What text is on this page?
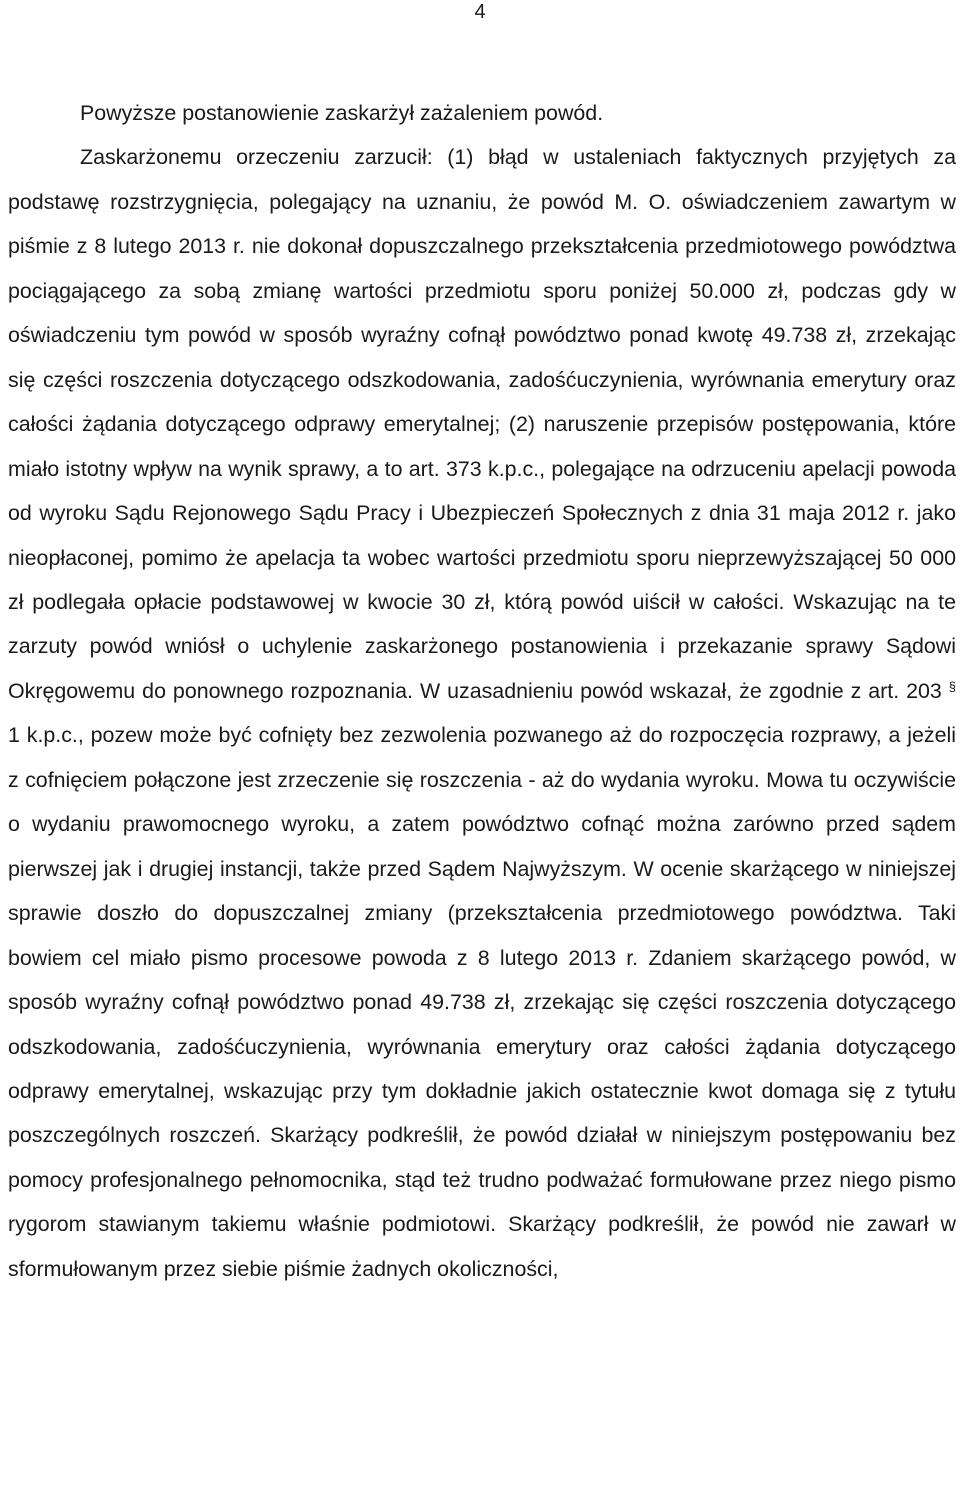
4

Powyższe postanowienie zaskarżył zażaleniem powód.

Zaskarżonemu orzeczeniu zarzucił: (1) błąd w ustaleniach faktycznych przyjętych za podstawę rozstrzygnięcia, polegający na uznaniu, że powód M. O. oświadczeniem zawartym w piśmie z 8 lutego 2013 r. nie dokonał dopuszczalnego przekształcenia przedmiotowego powództwa pociągającego za sobą zmianę wartości przedmiotu sporu poniżej 50.000 zł, podczas gdy w oświadczeniu tym powód w sposób wyraźny cofnął powództwo ponad kwotę 49.738 zł, zrzekając się części roszczenia dotyczącego odszkodowania, zadośćuczynienia, wyrównania emerytury oraz całości żądania dotyczącego odprawy emerytalnej; (2) naruszenie przepisów postępowania, które miało istotny wpływ na wynik sprawy, a to art. 373 k.p.c., polegające na odrzuceniu apelacji powoda od wyroku Sądu Rejonowego Sądu Pracy i Ubezpieczeń Społecznych z dnia 31 maja 2012 r. jako nieopłaconej, pomimo że apelacja ta wobec wartości przedmiotu sporu nieprzewyższającej 50 000 zł podlegała opłacie podstawowej w kwocie 30 zł, którą powód uiścił w całości. Wskazując na te zarzuty powód wniósł o uchylenie zaskarżonego postanowienia i przekazanie sprawy Sądowi Okręgowemu do ponownego rozpoznania. W uzasadnieniu powód wskazał, że zgodnie z art. 203 § 1 k.p.c., pozew może być cofnięty bez zezwolenia pozwanego aż do rozpoczęcia rozprawy, a jeżeli z cofnięciem połączone jest zrzeczenie się roszczenia - aż do wydania wyroku. Mowa tu oczywiście o wydaniu prawomocnego wyroku, a zatem powództwo cofnąć można zarówno przed sądem pierwszej jak i drugiej instancji, także przed Sądem Najwyższym. W ocenie skarżącego w niniejszej sprawie doszło do dopuszczalnej zmiany (przekształcenia przedmiotowego powództwa. Taki bowiem cel miało pismo procesowe powoda z 8 lutego 2013 r. Zdaniem skarżącego powód, w sposób wyraźny cofnął powództwo ponad 49.738 zł, zrzekając się części roszczenia dotyczącego odszkodowania, zadośćuczynienia, wyrównania emerytury oraz całości żądania dotyczącego odprawy emerytalnej, wskazując przy tym dokładnie jakich ostatecznie kwot domaga się z tytułu poszczególnych roszczeń. Skarżący podkreślił, że powód działał w niniejszym postępowaniu bez pomocy profesjonalnego pełnomocnika, stąd też trudno podważać formułowane przez niego pismo rygorom stawianym takiemu właśnie podmiotowi. Skarżący podkreślił, że powód nie zawarł w sformułowanym przez siebie piśmie żadnych okoliczności,
